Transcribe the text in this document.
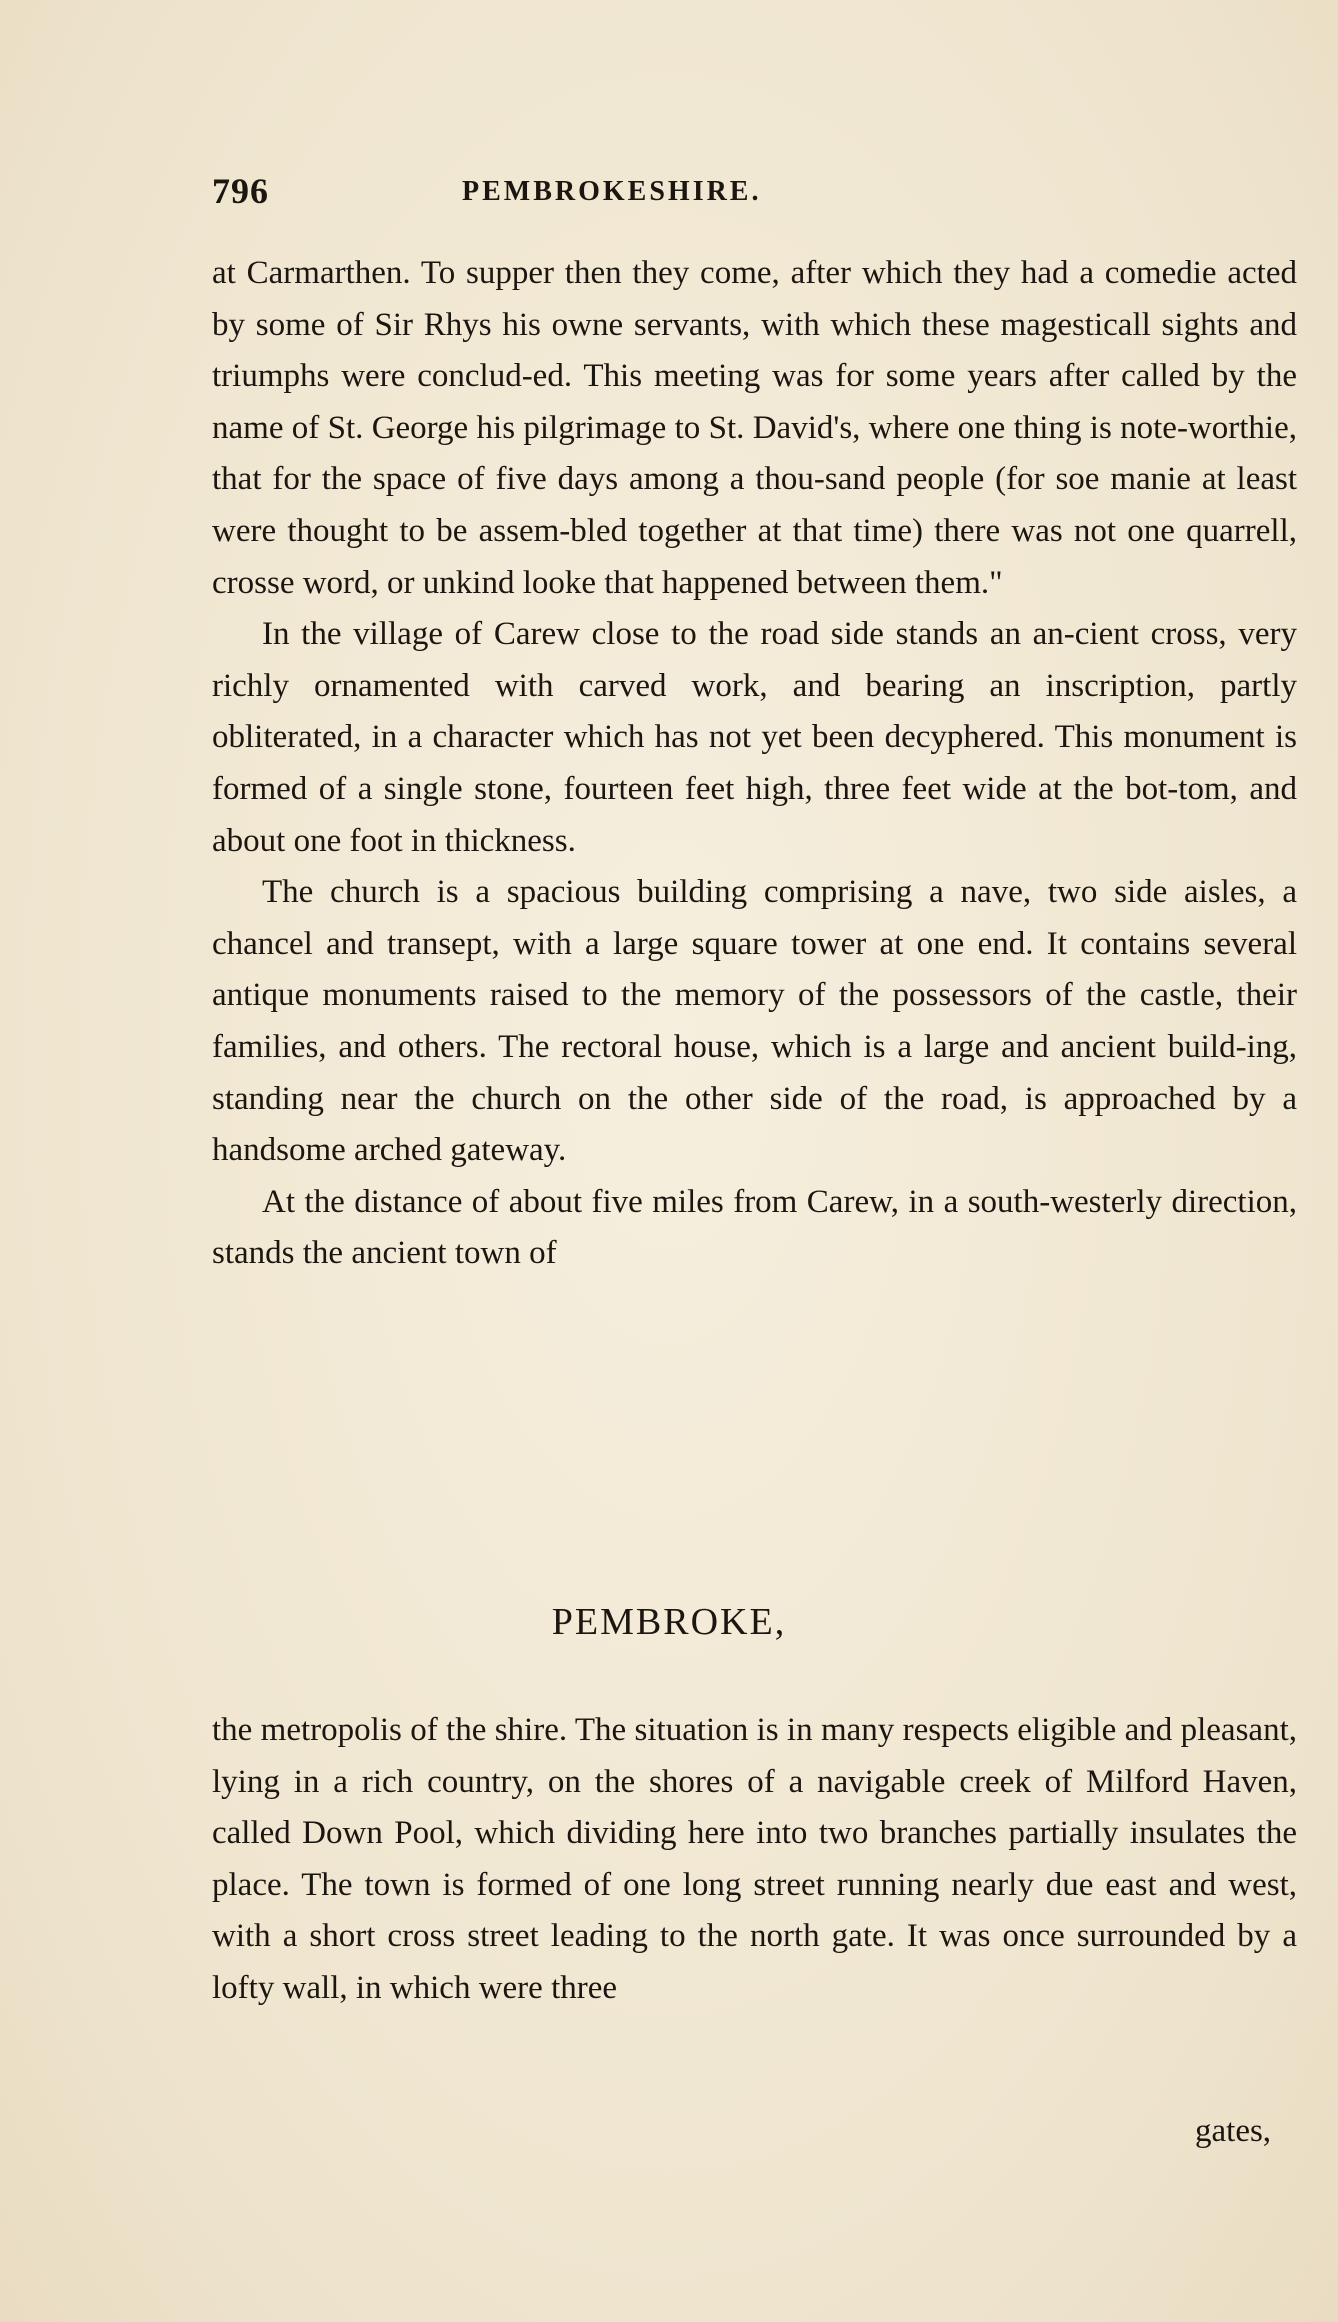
796	PEMBROKESHIRE.

at Carmarthen. To supper then they come, after which they had a comedie acted by some of Sir Rhys his owne servants, with which these magesticall sights and triumphs were conclud-ed. This meeting was for some years after called by the name of St. George his pilgrimage to St. David's, where one thing is note-worthie, that for the space of five days among a thou-sand people (for soe manie at least were thought to be assem-bled together at that time) there was not one quarrell, crosse word, or unkind looke that happened between them."

In the village of Carew close to the road side stands an an-cient cross, very richly ornamented with carved work, and bearing an inscription, partly obliterated, in a character which has not yet been decyphered. This monument is formed of a single stone, fourteen feet high, three feet wide at the bot-tom, and about one foot in thickness.

The church is a spacious building comprising a nave, two side aisles, a chancel and transept, with a large square tower at one end. It contains several antique monuments raised to the memory of the possessors of the castle, their families, and others. The rectoral house, which is a large and ancient build-ing, standing near the church on the other side of the road, is approached by a handsome arched gateway.

At the distance of about five miles from Carew, in a south-westerly direction, stands the ancient town of

PEMBROKE,

the metropolis of the shire. The situation is in many respects eligible and pleasant, lying in a rich country, on the shores of a navigable creek of Milford Haven, called Down Pool, which dividing here into two branches partially insulates the place. The town is formed of one long street running nearly due east and west, with a short cross street leading to the north gate. It was once surrounded by a lofty wall, in which were three

gates,
